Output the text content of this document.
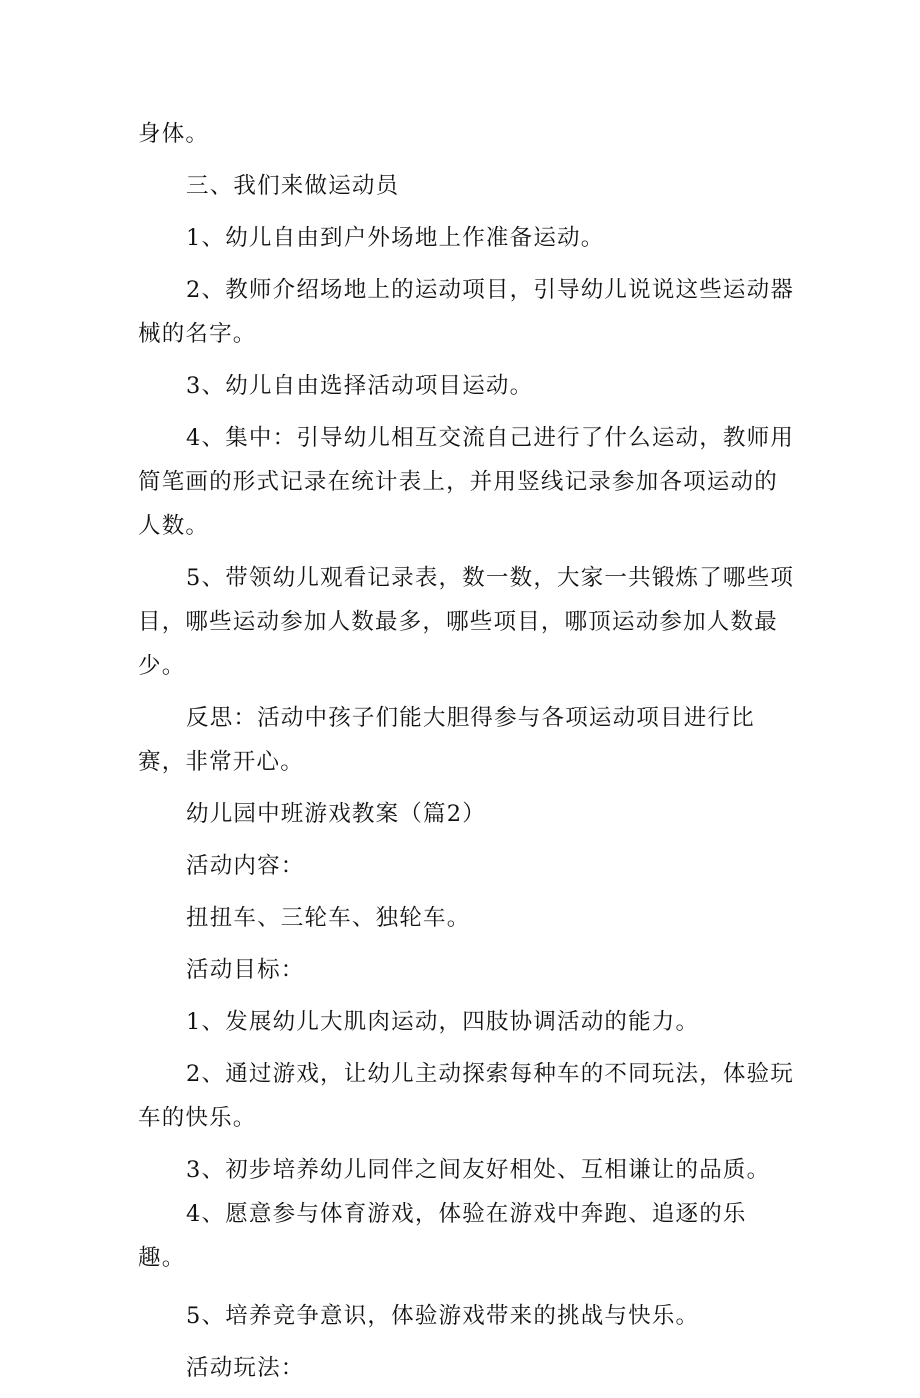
身体。

三、我们来做运动员

1、幼儿自由到户外场地上作准备运动。

2、教师介绍场地上的运动项目，引导幼儿说说这些运动器械的名字。

3、幼儿自由选择活动项目运动。

4、集中：引导幼儿相互交流自己进行了什么运动，教师用简笔画的形式记录在统计表上，并用竖线记录参加各项运动的人数。

5、带领幼儿观看记录表，数一数，大家一共锻炼了哪些项目，哪些运动参加人数最多，哪些项目，哪顶运动参加人数最少。

反思：活动中孩子们能大胆得参与各项运动项目进行比赛，非常开心。

幼儿园中班游戏教案（篇2）

活动内容：

扭扭车、三轮车、独轮车。

活动目标：

1、发展幼儿大肌肉运动，四肢协调活动的能力。

2、通过游戏，让幼儿主动探索每种车的不同玩法，体验玩车的快乐。

3、初步培养幼儿同伴之间友好相处、互相谦让的品质。

4、愿意参与体育游戏，体验在游戏中奔跑、追逐的乐

趣。

5、培养竞争意识，体验游戏带来的挑战与快乐。

活动玩法：
